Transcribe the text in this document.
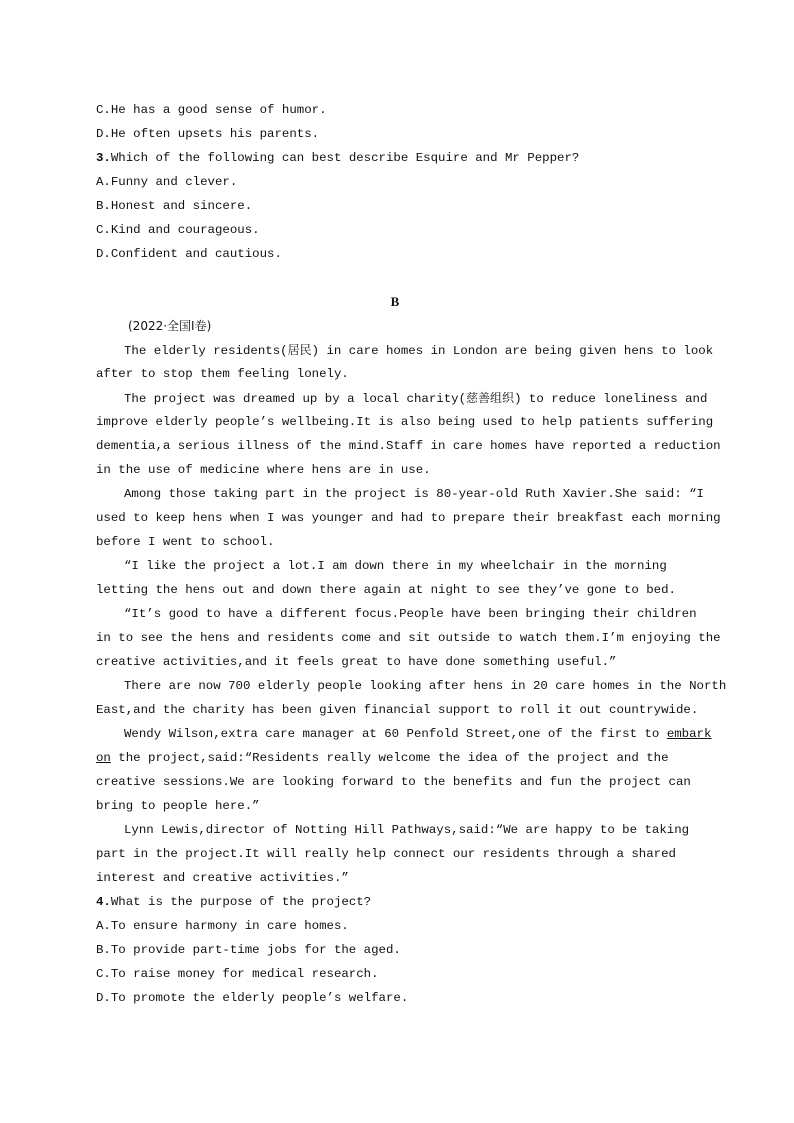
C.He has a good sense of humor.
D.He often upsets his parents.
3.Which of the following can best describe Esquire and Mr Pepper?
A.Funny and clever.
B.Honest and sincere.
C.Kind and courageous.
D.Confident and cautious.
B
(2022·全国Ⅰ卷)
The elderly residents(居民) in care homes in London are being given hens to look
after to stop them feeling lonely.
The project was dreamed up by a local charity(慈善组织) to reduce loneliness and
improve elderly people’s wellbeing.It is also being used to help patients suffering
dementia,a serious illness of the mind.Staff in care homes have reported a reduction
in the use of medicine where hens are in use.
Among those taking part in the project is 80-year-old Ruth Xavier.She said: “I
used to keep hens when I was younger and had to prepare their breakfast each morning
before I went to school.
“I like the project a lot.I am down there in my wheelchair in the morning
letting the hens out and down there again at night to see they’ve gone to bed.
“It’s good to have a different focus.People have been bringing their children
in to see the hens and residents come and sit outside to watch them.I’m enjoying the
creative activities,and it feels great to have done something useful.”
There are now 700 elderly people looking after hens in 20 care homes in the North
East,and the charity has been given financial support to roll it out countrywide.
Wendy Wilson,extra care manager at 60 Penfold Street,one of the first to embark
on the project,said:“Residents really welcome the idea of the project and the
creative sessions.We are looking forward to the benefits and fun the project can
bring to people here.”
Lynn Lewis,director of Notting Hill Pathways,said:“We are happy to be taking
part in the project.It will really help connect our residents through a shared
interest and creative activities.”
4.What is the purpose of the project?
A.To ensure harmony in care homes.
B.To provide part-time jobs for the aged.
C.To raise money for medical research.
D.To promote the elderly people’s welfare.
